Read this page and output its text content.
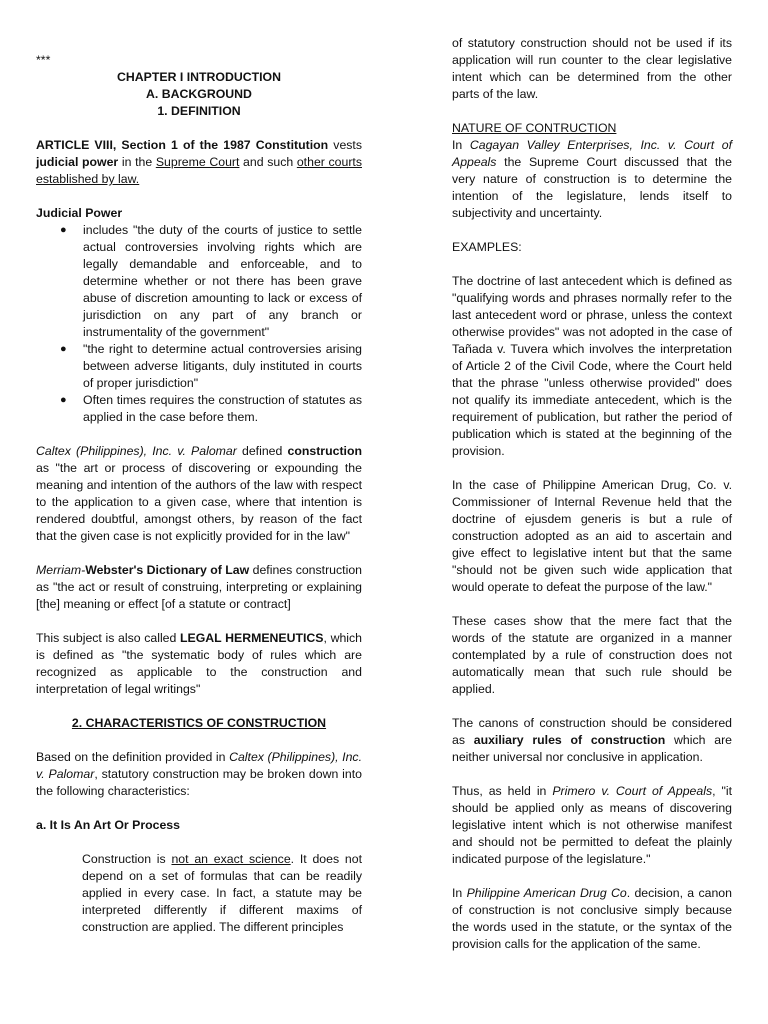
***

CHAPTER I INTRODUCTION

A. BACKGROUND

1. DEFINITION

ARTICLE VIII, Section 1 of the 1987 Constitution vests judicial power in the Supreme Court and such other courts established by law.

Judicial Power

● includes "the duty of the courts of justice to settle actual controversies involving rights which are legally demandable and enforceable, and to determine whether or not there has been grave abuse of discretion amounting to lack or excess of jurisdiction on any part of any branch or instrumentality of the government"
● "the right to determine actual controversies arising between adverse litigants, duly instituted in courts of proper jurisdiction"
● Often times requires the construction of statutes as applied in the case before them.

Caltex (Philippines), Inc. v. Palomar defined construction as "the art or process of discovering or expounding the meaning and intention of the authors of the law with respect to the application to a given case, where that intention is rendered doubtful, amongst others, by reason of the fact that the given case is not explicitly provided for in the law"

Merriam-Webster's Dictionary of Law defines construction as "the act or result of construing, interpreting or explaining [the] meaning or effect [of a statute or contract]

This subject is also called LEGAL HERMENEUTICS, which is defined as "the systematic body of rules which are recognized as applicable to the construction and interpretation of legal writings"

2. CHARACTERISTICS OF CONSTRUCTION

Based on the definition provided in Caltex (Philippines), Inc. v. Palomar, statutory construction may be broken down into the following characteristics:

a. It Is An Art Or Process

Construction is not an exact science. It does not depend on a set of formulas that can be readily applied in every case. In fact, a statute may be interpreted differently if different maxims of construction are applied. The different principles

of statutory construction should not be used if its application will run counter to the clear legislative intent which can be determined from the other parts of the law.

NATURE OF CONTRUCTION

In Cagayan Valley Enterprises, Inc. v. Court of Appeals the Supreme Court discussed that the very nature of construction is to determine the intention of the legislature, lends itself to subjectivity and uncertainty.

EXAMPLES:

The doctrine of last antecedent which is defined as "qualifying words and phrases normally refer to the last antecedent word or phrase, unless the context otherwise provides" was not adopted in the case of Tañada v. Tuvera which involves the interpretation of Article 2 of the Civil Code, where the Court held that the phrase "unless otherwise provided" does not qualify its immediate antecedent, which is the requirement of publication, but rather the period of publication which is stated at the beginning of the provision.

In the case of Philippine American Drug, Co. v. Commissioner of Internal Revenue held that the doctrine of ejusdem generis is but a rule of construction adopted as an aid to ascertain and give effect to legislative intent but that the same "should not be given such wide application that would operate to defeat the purpose of the law."

These cases show that the mere fact that the words of the statute are organized in a manner contemplated by a rule of construction does not automatically mean that such rule should be applied.

The canons of construction should be considered as auxiliary rules of construction which are neither universal nor conclusive in application.

Thus, as held in Primero v. Court of Appeals, "it should be applied only as means of discovering legislative intent which is not otherwise manifest and should not be permitted to defeat the plainly indicated purpose of the legislature."

In Philippine American Drug Co. decision, a canon of construction is not conclusive simply because the words used in the statute, or the syntax of the provision calls for the application of the same.
